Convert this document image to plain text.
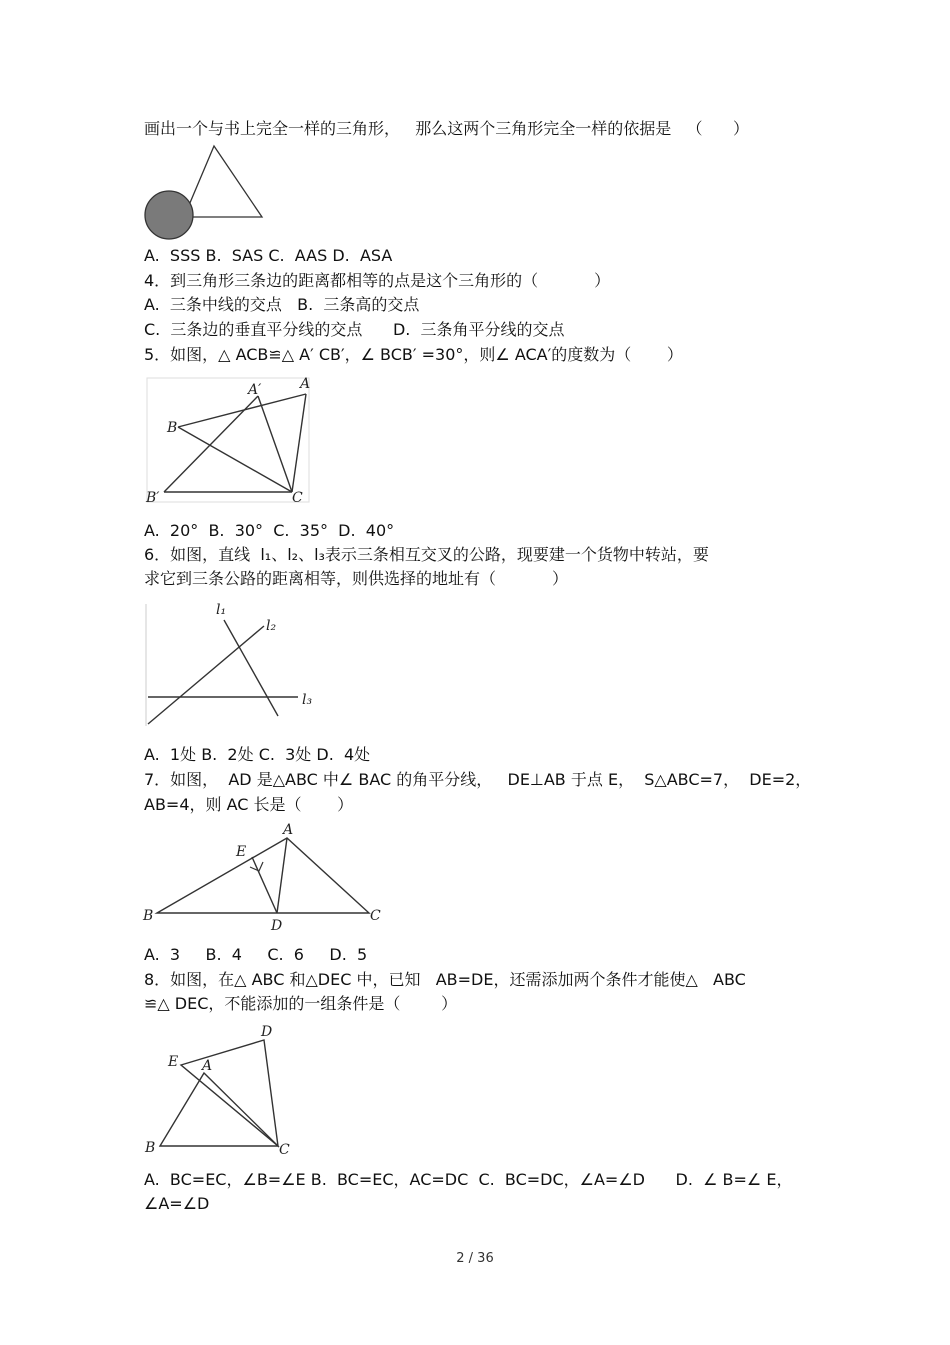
画出一个与书上完全一样的三角形，   那么这两个三角形完全一样的依据是   （      ）
A.  SSS B.  SAS C.  AAS D.  ASA
4．到三角形三条边的距离都相等的点是这个三角形的（           ）
A.  三条中线的交点   B.  三条高的交点
C.  三条边的垂直平分线的交点      D.  三条角平分线的交点
5．如图，△ ACB≌△ A′ CB′，∠ BCB′ =30°，则∠ ACA′的度数为（       ）
A
A′
B
B′	C
A.  20°  B.  30°  C.  35°  D.  40°
6．如图，直线  l₁、l₂、l₃表示三条相互交叉的公路，现要建一个货物中转站，要
求它到三条公路的距离相等，则供选择的地址有（           ）
l₁
l₂
l₃
A.  1处 B.  2处 C.  3处 D.  4处
7．如图，  AD 是△ABC 中∠ BAC 的角平分线，   DE⊥AB 于点 E，  S△ABC=7，  DE=2，
AB=4，则 AC 长是（       ）
A
B	C
D
E
A.  3     B.  4     C.  6     D.  5
8．如图，在△ ABC 和△DEC 中，已知   AB=DE，还需添加两个条件才能使△   ABC
≌△ DEC，不能添加的一组条件是（        ）
D
E A
B	C
A.  BC=EC，∠B=∠E B.  BC=EC，AC=DC  C.  BC=DC，∠A=∠D      D.  ∠ B=∠ E，
∠A=∠D
2 / 36
